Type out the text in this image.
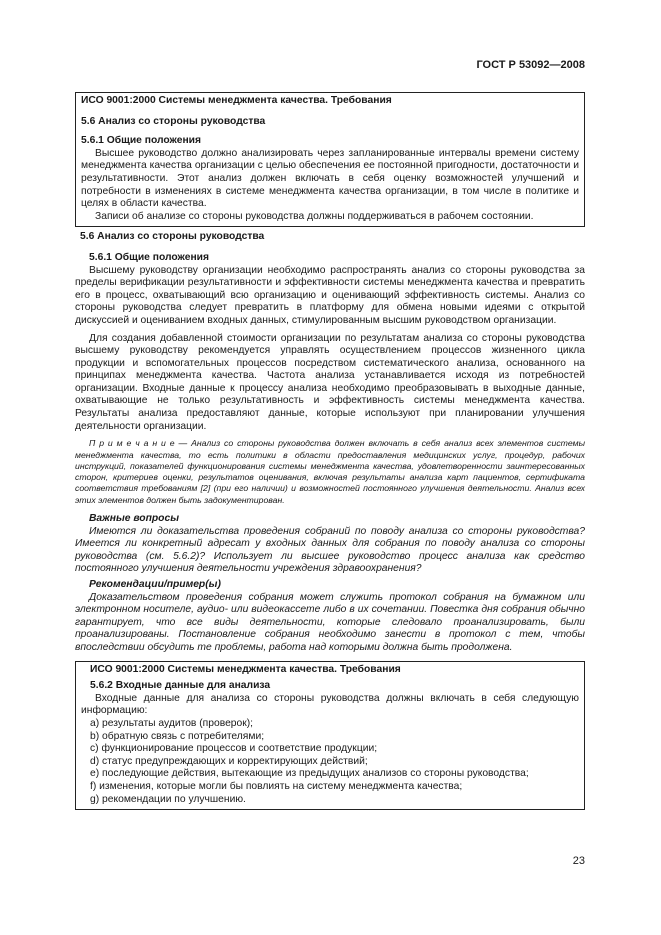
ГОСТ Р 53092—2008
ИСО 9001:2000 Системы менеджмента качества. Требования
5.6 Анализ со стороны руководства
5.6.1 Общие положения

Высшее руководство должно анализировать через запланированные интервалы времени систему менеджмента качества организации с целью обеспечения ее постоянной пригодности, достаточности и результативности. Этот анализ должен включать в себя оценку возможностей улучшений и потребности в изменениях в системе менеджмента качества организации, в том числе в политике и целях в области качества.

Записи об анализе со стороны руководства должны поддерживаться в рабочем состоянии.

5.6 Анализ со стороны руководства
5.6.1 Общие положения

Высшему руководству организации необходимо распространять анализ со стороны руководства за пределы верификации результативности и эффективности системы менеджмента качества и превратить его в процесс, охватывающий всю организацию и оценивающий эффективность системы. Анализ со стороны руководства следует превратить в платформу для обмена новыми идеями с открытой дискуссией и оцениванием входных данных, стимулированным высшим руководством организации.

Для создания добавленной стоимости организации по результатам анализа со стороны руководства высшему руководству рекомендуется управлять осуществлением процессов жизненного цикла продукции и вспомогательных процессов посредством систематического анализа, основанного на принципах менеджмента качества. Частота анализа устанавливается исходя из потребностей организации. Входные данные к процессу анализа необходимо преобразовывать в выходные данные, охватывающие не только результативность и эффективность системы менеджмента качества. Результаты анализа предоставляют данные, которые используют при планировании улучшения деятельности организации.

П р и м е ч а н и е — Анализ со стороны руководства должен включать в себя анализ всех элементов системы менеджмента качества, то есть политики в области предоставления медицинских услуг, процедур, рабочих инструкций, показателей функционирования системы менеджмента качества, удовлетворенности заинтересованных сторон, критериев оценки, результатов оценивания, включая результаты анализа карт пациентов, сертификата соответствия требованиям [2] (при его наличии) и возможностей постоянного улучшения деятельности. Анализ всех этих элементов должен быть задокументирован.

Важные вопросы

Имеются ли доказательства проведения собраний по поводу анализа со стороны руководства? Имеется ли конкретный адресат у входных данных для собрания по поводу анализа со стороны руководства (см. 5.6.2)? Использует ли высшее руководство процесс анализа как средство постоянного улучшения деятельности учреждения здравоохранения?

Рекомендации/пример(ы)

Доказательством проведения собрания может служить протокол собрания на бумажном или электронном носителе, аудио- или видеокассете либо в их сочетании. Повестка дня собрания обычно гарантирует, что все виды деятельности, которые следовало проанализировать, были проанализированы. Постановление собрания необходимо занести в протокол с тем, чтобы впоследствии обсудить те проблемы, работа над которыми должна быть продолжена.

ИСО 9001:2000 Системы менеджмента качества. Требования
5.6.2 Входные данные для анализа

Входные данные для анализа со стороны руководства должны включать в себя следующую информацию:

а) результаты аудитов (проверок);
b) обратную связь с потребителями;
c) функционирование процессов и соответствие продукции;
d) статус предупреждающих и корректирующих действий;
e) последующие действия, вытекающие из предыдущих анализов со стороны руководства;
f) изменения, которые могли бы повлиять на систему менеджмента качества;
g) рекомендации по улучшению.
23
